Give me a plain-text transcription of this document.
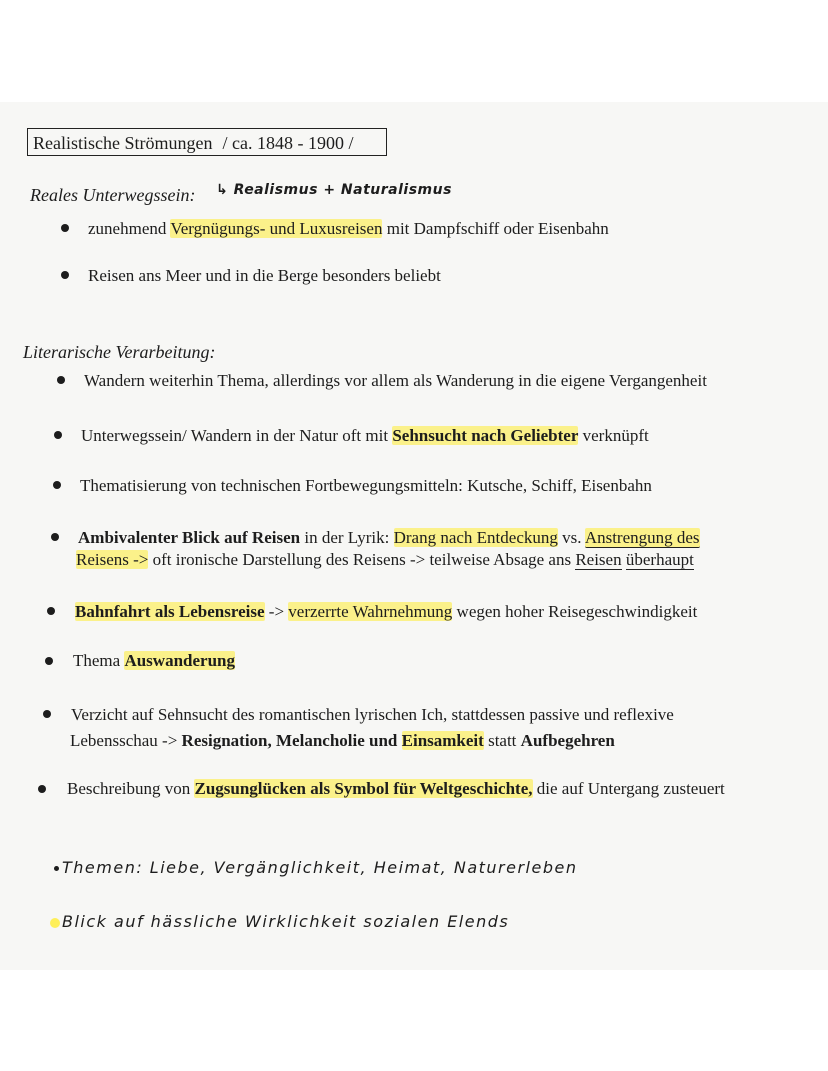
Realistische Strömungen / ca. 1848 - 1900 /
Reales Unterwegssein: ↳ Realismus + Naturalismus
zunehmend Vergnügungs- und Luxusreisen mit Dampfschiff oder Eisenbahn
Reisen ans Meer und in die Berge besonders beliebt
Literarische Verarbeitung:
Wandern weiterhin Thema, allerdings vor allem als Wanderung in die eigene Vergangenheit
Unterwegssein/ Wandern in der Natur oft mit Sehnsucht nach Geliebter verknüpft
Thematisierung von technischen Fortbewegungsmitteln: Kutsche, Schiff, Eisenbahn
Ambivalenter Blick auf Reisen in der Lyrik: Drang nach Entdeckung vs. Anstrengung des
Reisens -> oft ironische Darstellung des Reisens -> teilweise Absage ans Reisen überhaupt
Bahnfahrt als Lebensreise -> verzerrte Wahrnehmung wegen hoher Reisegeschwindigkeit
Thema Auswanderung
Verzicht auf Sehnsucht des romantischen lyrischen Ich, stattdessen passive und reflexive
Lebensschau -> Resignation, Melancholie und Einsamkeit statt Aufbegehren
Beschreibung von Zugsunglücken als Symbol für Weltgeschichte, die auf Untergang zusteuert
Themen: Liebe, Vergänglichkeit, Heimat, Naturerleben
Blick auf hässliche Wirklichkeit sozialen Elends
